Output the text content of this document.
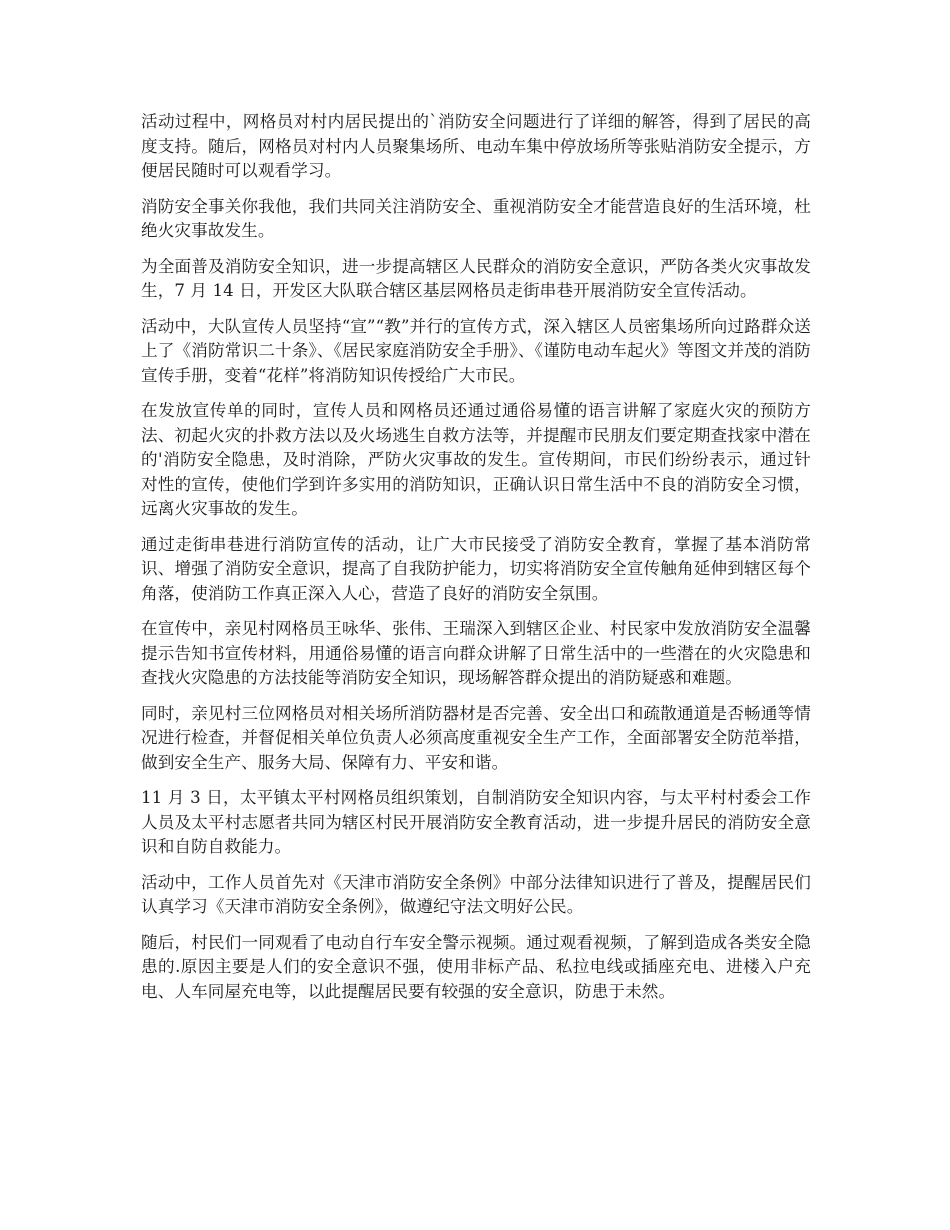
活动过程中，网格员对村内居民提出的`消防安全问题进行了详细的解答，得到了居民的高度支持。随后，网格员对村内人员聚集场所、电动车集中停放场所等张贴消防安全提示，方便居民随时可以观看学习。

消防安全事关你我他，我们共同关注消防安全、重视消防安全才能营造良好的生活环境，杜绝火灾事故发生。

为全面普及消防安全知识，进一步提高辖区人民群众的消防安全意识，严防各类火灾事故发生，7 月 14 日，开发区大队联合辖区基层网格员走街串巷开展消防安全宣传活动。

活动中，大队宣传人员坚持“宣”“教”并行的宣传方式，深入辖区人员密集场所向过路群众送上了《消防常识二十条》、《居民家庭消防安全手册》、《谨防电动车起火》等图文并茂的消防宣传手册，变着“花样”将消防知识传授给广大市民。

在发放宣传单的同时，宣传人员和网格员还通过通俗易懂的语言讲解了家庭火灾的预防方法、初起火灾的扑救方法以及火场逃生自救方法等，并提醒市民朋友们要定期查找家中潜在的'消防安全隐患，及时消除，严防火灾事故的发生。宣传期间，市民们纷纷表示，通过针对性的宣传，使他们学到许多实用的消防知识，正确认识日常生活中不良的消防安全习惯，远离火灾事故的发生。

通过走街串巷进行消防宣传的活动，让广大市民接受了消防安全教育，掌握了基本消防常识、增强了消防安全意识，提高了自我防护能力，切实将消防安全宣传触角延伸到辖区每个角落，使消防工作真正深入人心，营造了良好的消防安全氛围。

在宣传中，亲见村网格员王咏华、张伟、王瑞深入到辖区企业、村民家中发放消防安全温馨提示告知书宣传材料，用通俗易懂的语言向群众讲解了日常生活中的一些潜在的火灾隐患和查找火灾隐患的方法技能等消防安全知识，现场解答群众提出的消防疑惑和难题。

同时，亲见村三位网格员对相关场所消防器材是否完善、安全出口和疏散通道是否畅通等情况进行检查，并督促相关单位负责人必须高度重视安全生产工作，全面部署安全防范举措，做到安全生产、服务大局、保障有力、平安和谐。

11 月 3 日，太平镇太平村网格员组织策划，自制消防安全知识内容，与太平村村委会工作人员及太平村志愿者共同为辖区村民开展消防安全教育活动，进一步提升居民的消防安全意识和自防自救能力。

活动中，工作人员首先对《天津市消防安全条例》中部分法律知识进行了普及，提醒居民们认真学习《天津市消防安全条例》，做遵纪守法文明好公民。

随后，村民们一同观看了电动自行车安全警示视频。通过观看视频，了解到造成各类安全隐患的.原因主要是人们的安全意识不强，使用非标产品、私拉电线或插座充电、进楼入户充电、人车同屋充电等，以此提醒居民要有较强的安全意识，防患于未然。
